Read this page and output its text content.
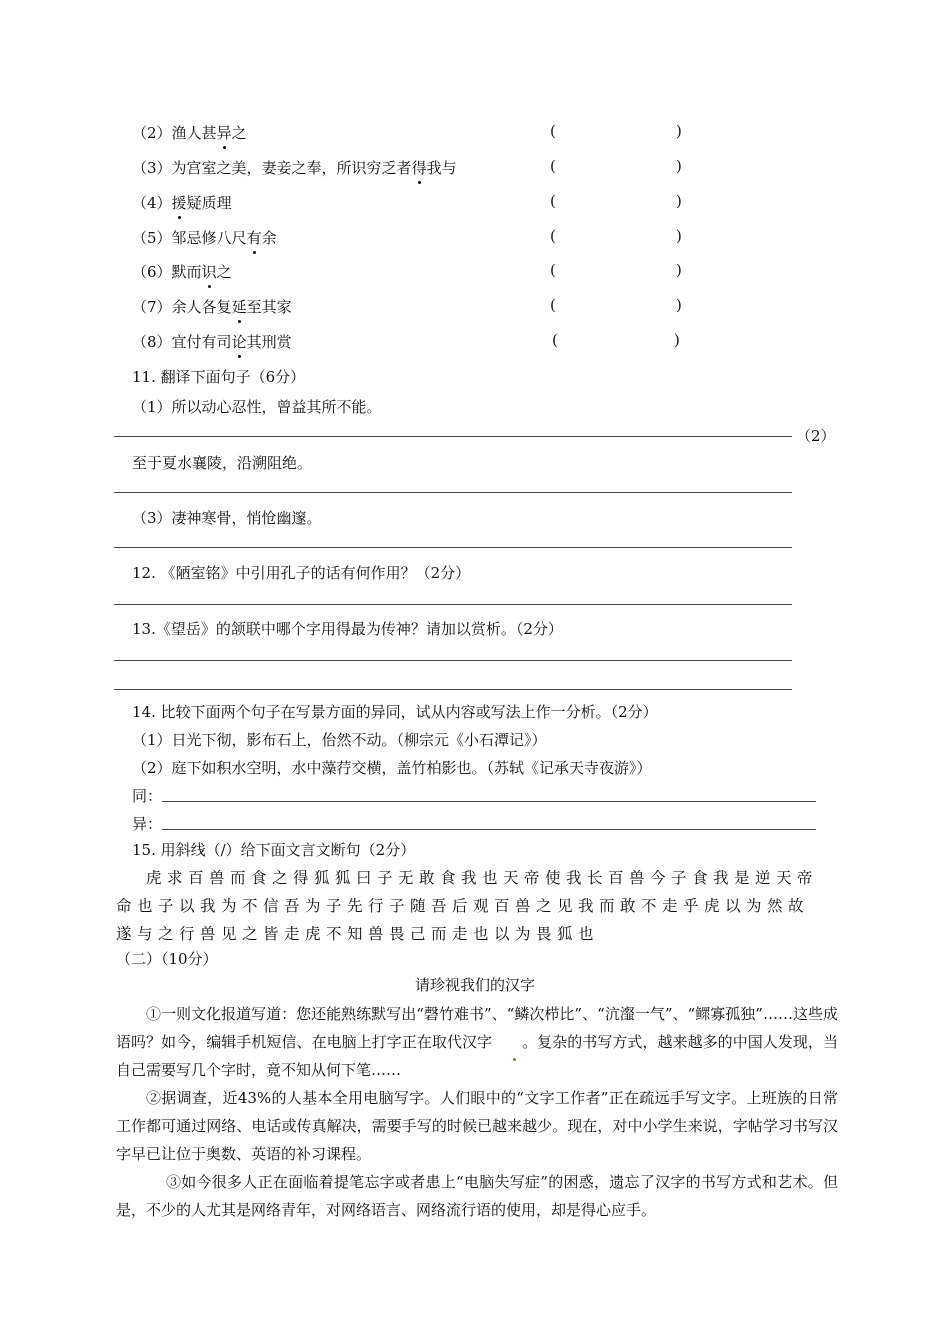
（2）渔人甚异之	(	)
（3）为宫室之美，妻妾之奉，所识穷乏者得我与	(	)
（4）援疑质理	(	)
（5）邹忌修八尺有余	(	)
（6）默而识之	(	)
（7）余人各复延至其家	(	)
（8）宜付有司论其刑赏	(	)
11. 翻译下面句子（6分）
（1）所以动心忍性，曾益其所不能。
（2）
至于夏水襄陵，沿溯阻绝。
（3）凄神寒骨，悄怆幽邃。
12. 《陋室铭》中引用孔子的话有何作用？（2分）
13.《望岳》的颔联中哪个字用得最为传神？请加以赏析。（2分）
14. 比较下面两个句子在写景方面的异同，试从内容或写法上作一分析。（2分）
（1）日光下彻，影布石上，佁然不动。（柳宗元《小石潭记》）
（2）庭下如积水空明，水中藻荇交横，盖竹柏影也。（苏轼《记承天寺夜游》）
同：
异：
15. 用斜线（/）给下面文言文断句（2分）
虎求百兽而食之得狐狐曰子无敢食我也天帝使我长百兽今子食我是逆天帝
命也子以我为不信吾为子先行子随吾后观百兽之见我而敢不走乎虎以为然故
遂与之行兽见之皆走虎不知兽畏己而走也以为畏狐也
（二）（10分）
请珍视我们的汉字
①一则文化报道写道：您还能熟练默写出“磬竹难书”、“鳞次栉比”、“沆瀣一气”、“鳏寡孤独”……这些成语吗？如今，编辑手机短信、在电脑上打字正在取代汉字 。复杂的书写方式，越来越多的中国人发现，当自己需要写几个字时，竟不知从何下笔……
②据调查，近43%的人基本全用电脑写字。人们眼中的“文字工作者”正在疏远手写文字。上班族的日常工作都可通过网络、电话或传真解决，需要手写的时候已越来越少。现在，对中小学生来说，字帖学习书写汉字早已让位于奥数、英语的补习课程。
③如今很多人正在面临着提笔忘字或者患上“电脑失写症”的困惑，遗忘了汉字的书写方式和艺术。但是，不少的人尤其是网络青年，对网络语言、网络流行语的使用，却是得心应手。
